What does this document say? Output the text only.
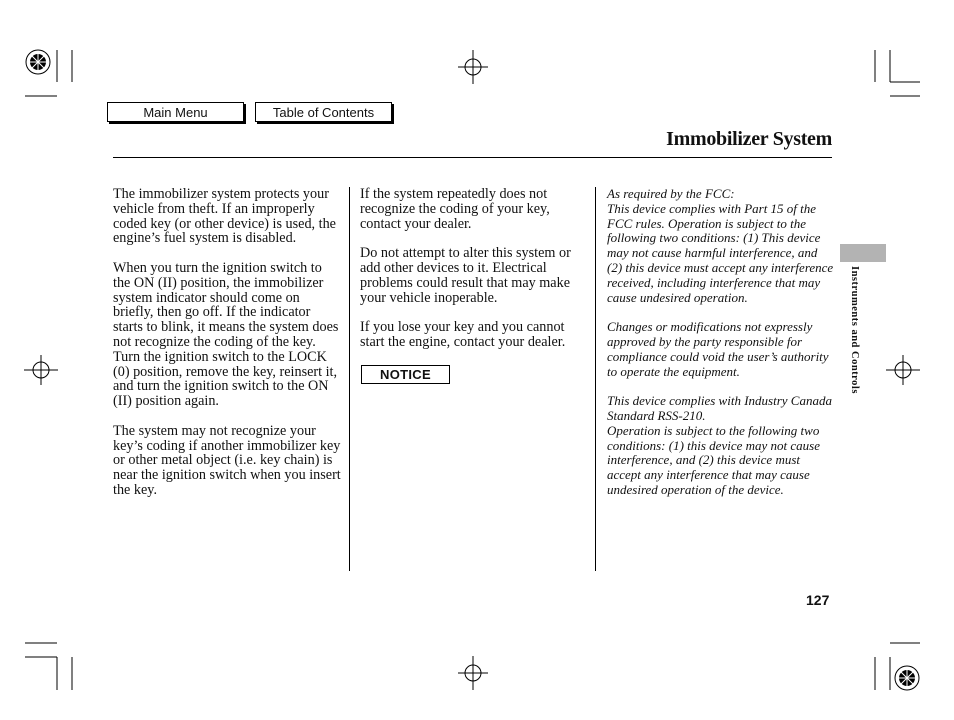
Main Menu	Table of Contents
Immobilizer System

The immobilizer system protects your vehicle from theft. If an improperly coded key (or other device) is used, the engine’s fuel system is disabled.

When you turn the ignition switch to the ON (II) position, the immobilizer system indicator should come on briefly, then go off. If the indicator starts to blink, it means the system does not recognize the coding of the key. Turn the ignition switch to the LOCK (0) position, remove the key, reinsert it, and turn the ignition switch to the ON (II) position again.

The system may not recognize your key’s coding if another immobilizer key or other metal object (i.e. key chain) is near the ignition switch when you insert the key.

If the system repeatedly does not recognize the coding of your key, contact your dealer.

Do not attempt to alter this system or add other devices to it. Electrical problems could result that may make your vehicle inoperable.

If you lose your key and you cannot start the engine, contact your dealer.

NOTICE

As required by the FCC:

This device complies with Part 15 of the FCC rules. Operation is subject to the following two conditions: (1) This device may not cause harmful interference, and (2) this device must accept any interference received, including interference that may cause undesired operation.

Changes or modifications not expressly approved by the party responsible for compliance could void the user’s authority to operate the equipment.

This device complies with Industry Canada Standard RSS-210.

Operation is subject to the following two conditions: (1) this device may not cause interference, and (2) this device must accept any interference that may cause undesired operation of the device.

Instruments and Controls
127
